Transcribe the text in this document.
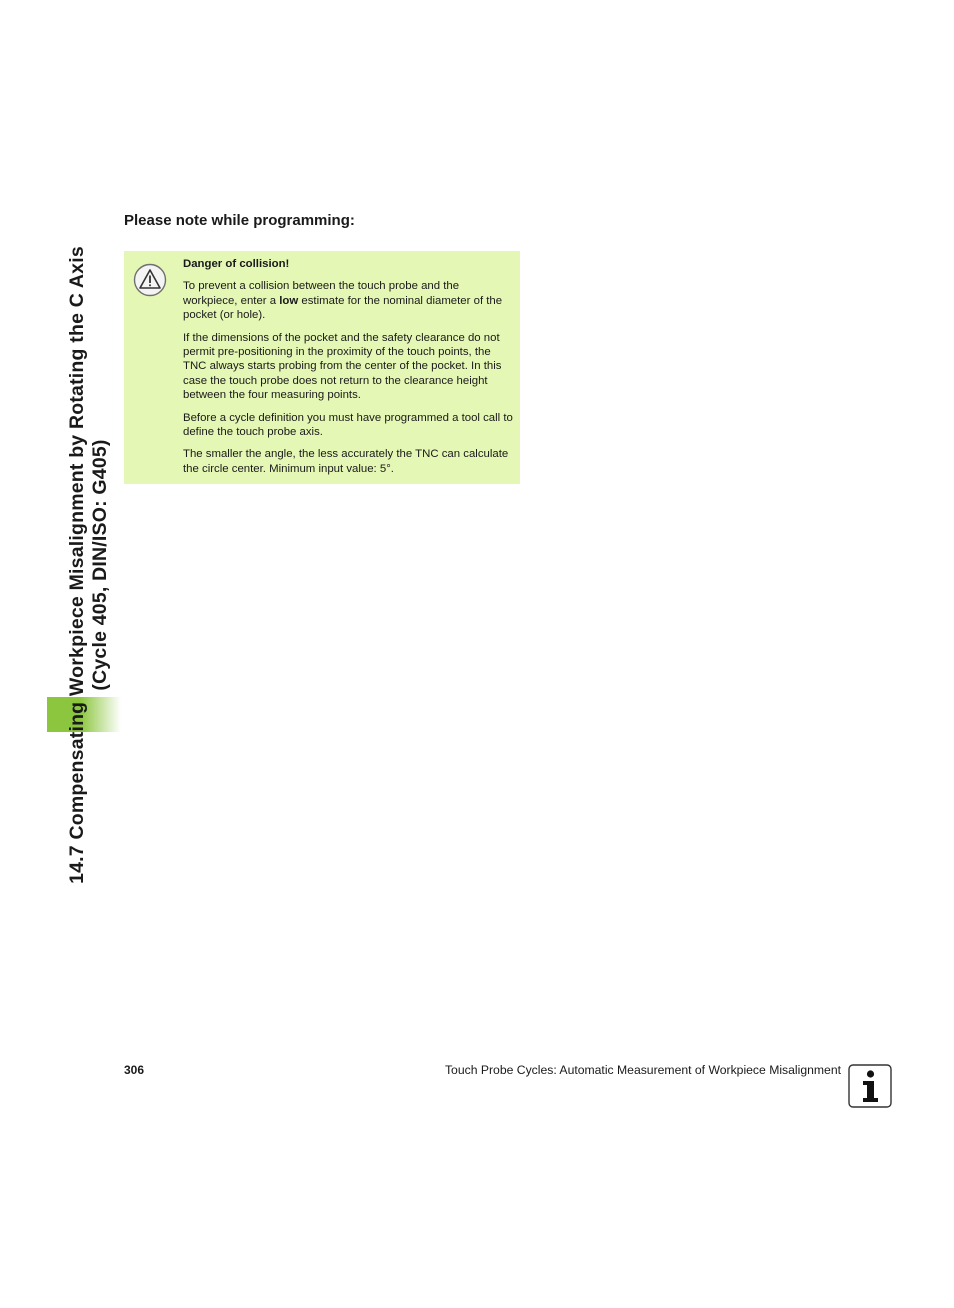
14.7 Compensating Workpiece Misalignment by Rotating the C Axis (Cycle 405, DIN/ISO: G405)
Please note while programming:
Danger of collision!

To prevent a collision between the touch probe and the workpiece, enter a low estimate for the nominal diameter of the pocket (or hole).

If the dimensions of the pocket and the safety clearance do not permit pre-positioning in the proximity of the touch points, the TNC always starts probing from the center of the pocket. In this case the touch probe does not return to the clearance height between the four measuring points.

Before a cycle definition you must have programmed a tool call to define the touch probe axis.

The smaller the angle, the less accurately the TNC can calculate the circle center. Minimum input value: 5°.

306	Touch Probe Cycles: Automatic Measurement of Workpiece Misalignment
